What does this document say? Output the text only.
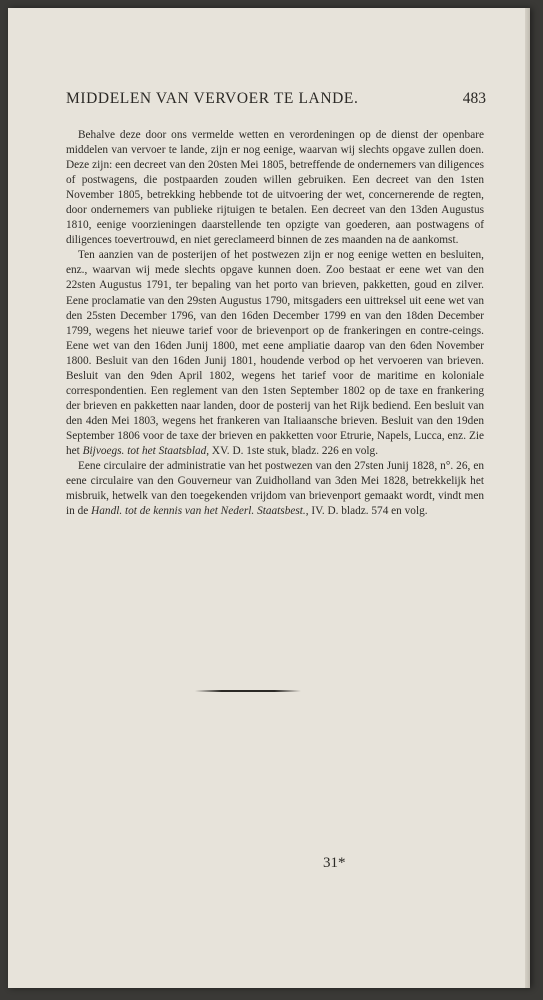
MIDDELEN VAN VERVOER TE LANDE.	483

Behalve deze door ons vermelde wetten en verordeningen op de dienst der openbare middelen van vervoer te lande, zijn er nog eenige, waarvan wij slechts opgave zullen doen. Deze zijn: een decreet van den 20sten Mei 1805, betreffende de ondernemers van diligences of postwagens, die postpaarden zouden willen gebruiken. Een decreet van den 1sten November 1805, betrekking hebbende tot de uitvoering der wet, concernerende de regten, door ondernemers van publieke rijtuigen te betalen. Een decreet van den 13den Augustus 1810, eenige voorzieningen daarstellende ten opzigte van goederen, aan postwagens of diligences toevertrouwd, en niet gereclameerd binnen de zes maanden na de aankomst.

Ten aanzien van de posterijen of het postwezen zijn er nog eenige wetten en besluiten, enz., waarvan wij mede slechts opgave kunnen doen. Zoo bestaat er eene wet van den 22sten Augustus 1791, ter bepaling van het porto van brieven, pakketten, goud en zilver. Eene proclamatie van den 29sten Augustus 1790, mitsgaders een uittreksel uit eene wet van den 25sten December 1796, van den 16den December 1799 en van den 18den December 1799, wegens het nieuwe tarief voor de brievenport op de frankeringen en contre-ceings. Eene wet van den 16den Junij 1800, met eene ampliatie daarop van den 6den November 1800. Besluit van den 16den Junij 1801, houdende verbod op het vervoeren van brieven. Besluit van den 9den April 1802, wegens het tarief voor de maritime en koloniale correspondentien. Een reglement van den 1sten September 1802 op de taxe en frankering der brieven en pakketten naar landen, door de posterij van het Rijk bediend. Een besluit van den 4den Mei 1803, wegens het frankeren van Italiaansche brieven. Besluit van den 19den September 1806 voor de taxe der brieven en pakketten voor Etrurie, Napels, Lucca, enz. Zie het Bijvoegs. tot het Staatsblad, XV. D. 1ste stuk, bladz. 226 en volg.

Eene circulaire der administratie van het postwezen van den 27sten Junij 1828, n°. 26, en eene circulaire van den Gouverneur van Zuidholland van 3den Mei 1828, betrekkelijk het misbruik, hetwelk van den toegekenden vrijdom van brievenport gemaakt wordt, vindt men in de Handl. tot de kennis van het Nederl. Staatsbest., IV. D. bladz. 574 en volg.

31*
